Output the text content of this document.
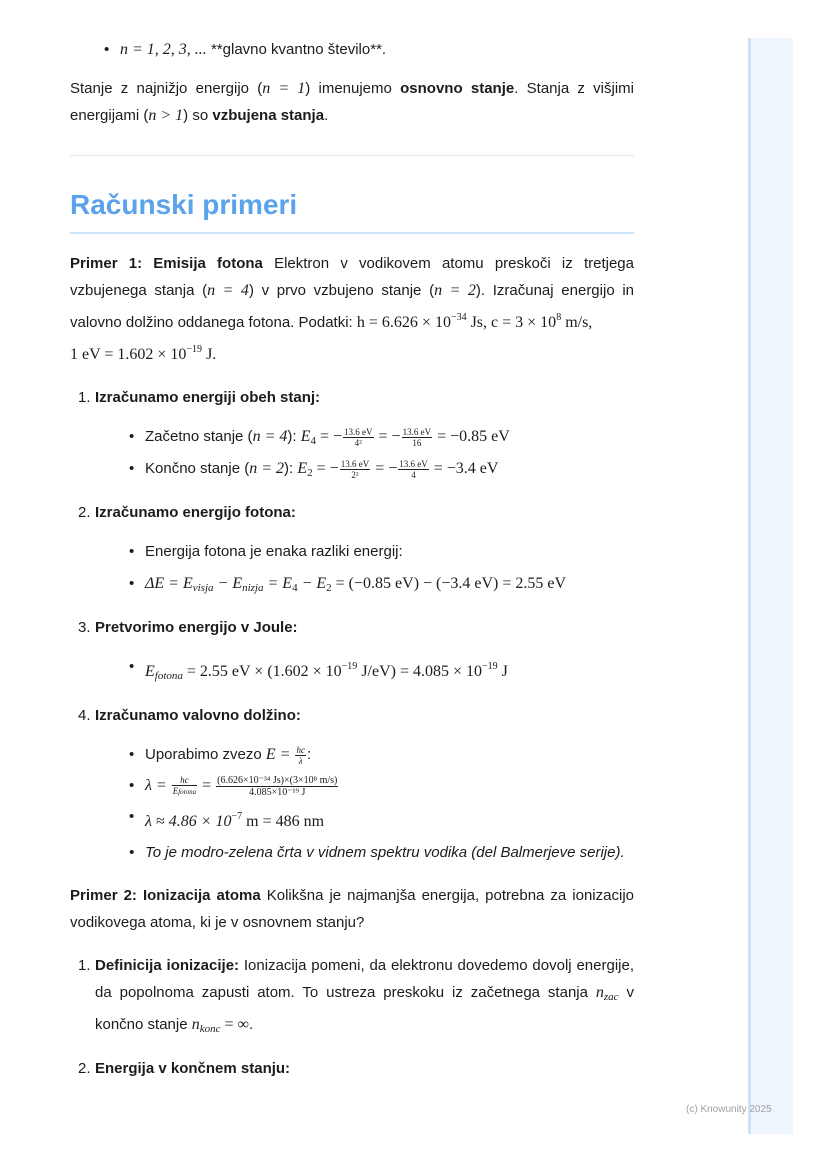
• n = 1, 2, 3, ... **glavno kvantno število**.

Stanje z najnižjo energijo (n = 1) imenujemo osnovno stanje. Stanja z višjimi energijami (n > 1) so vzbujena stanja.

Računski primeri

Primer 1: Emisija fotona Elektron v vodikovem atomu preskoči iz tretjega vzbujenega stanja (n = 4) v prvo vzbujeno stanje (n = 2). Izračunaj energijo in valovno dolžino oddanega fotona. Podatki: $h = 6.626 \times 10^{-34}$ Js, $c = 3 \times 10^8$ m/s,
1 eV = $1.602 \times 10^{-19}$ J.

1. Izračunamo energiji obeh stanj:
• Začetno stanje (n = 4): $E_4$ = − $\frac{13.6 eV}{\text{4²}}$ = − $\frac{13.6 eV}{16} = -0.85$ eV
• Končno stanje (n = 2): $E_2$ = − $\frac{13.6 eV}{\text{2²}}$ = − $\frac{13.6 eV}{4} = -3.4$ eV
2. Izračunamo energijo fotona:
• Energija fotona je enaka razliki energij:
• $\Delta E = E_{visja} - E_{nizja} = E_4 - E_2 = (-0.85$ eV) − (−3.4 eV) = 2.55 eV
3. Pretvorimo energijo v Joule:
• $E_{fotona} = 2.55$ eV × ($1.602 \times 10^{-19}$ $J/eV) = 4.085 \times 10^{-19}$ J
4. Izračunamo valovno dolžino:
• Uporabimo zvezo $E = \frac{hc}{\lambda}$ :
• $\lambda = \frac{hc}{\text{Efotona}} = \frac{\text{(6.626×10⁻³⁴ Js)×(3×10⁸ m/s)}}{\text{4.085×10⁻¹⁹ J}}$
• $\lambda \approx 4.86 \times 10^{-7}$ m = 486 nm
• To je modro-zelena črta v vidnem spektru vodika (del Balmerjeve serije).

Primer 2: Ionizacija atoma Kolikšna je najmanjša energija, potrebna za ionizacijo vodikovega atoma, ki je v osnovnem stanju?

1. Definicija ionizacije: Ionizacija pomeni, da elektronu dovedemo dovolj energije, da popolnoma zapusti atom. To ustreza preskoku iz začetnega stanja $n_{zac}$ v končno stanje $n_{konc}$ = ∞.
2. Energija v končnem stanju:
(c) Knowunity 2025
